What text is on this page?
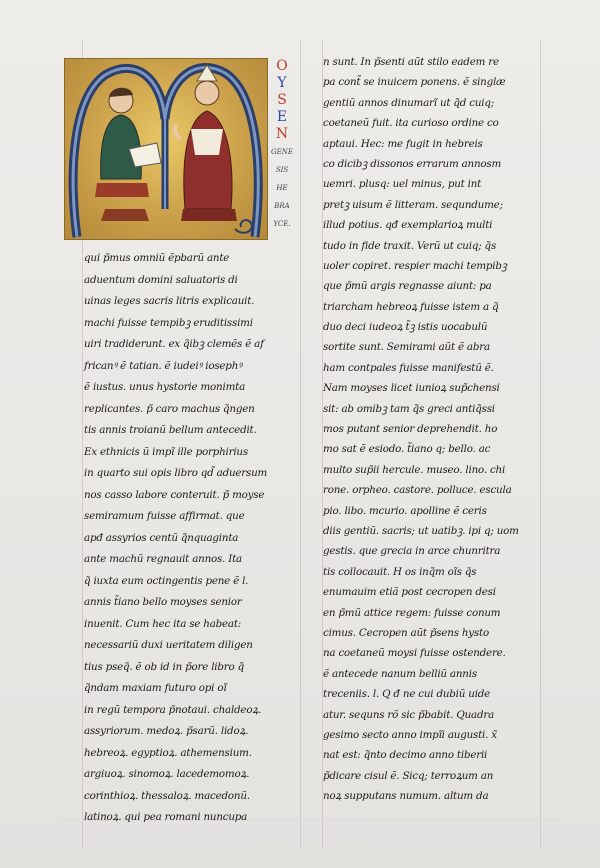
O
Y
S
E
N
GENE
SIS
HE
BRA
YCE.
qui p̃mus omniũ ẽpbarũ ante
aduentum domini saluatoris di
uinas leges sacris litris explicauit.
machi fuisse tempibꝫ eruditissimi
uiri tradiderunt. ex q̃ibꝫ clemẽs ẽ af
fricanꝰ ẽ tatian. ẽ iudeiꝰ iosephꝰ
ẽ iustus. unus hystorie monimta
replicantes. p̃ caro machus q̃ngen
tis annis troianũ bellum antecedit.
Ex ethnicis ũ impĩ ille porphirius
in quarto sui opis libro qd̃ aduersum
nos casso labore conteruit. p̃ moyse
semiramum fuisse affirmat. que
apđ assyrios centũ q̃nquaginta
ante machũ regnauit annos. Ita
q̃ iuxta eum octingentis pene ẽ l.
annis t̃iano bello moyses senior
inuenit. Cum hec ita se habeat:
necessariũ duxi ueritatem diligen
tius pseq̃. ẽ ob id in p̃ore libro q̃
q̃ndam maxiam futuro opi oĩ
in regũ tempora p̃notaui. chaldeoꝝ.
assyriorum. medoꝝ. p̃sarũ. lidoꝝ.
hebreoꝝ. egyptioꝝ. athemensium.
argiuoꝝ. sinomoꝝ. lacedemomoꝝ.
corinthioꝝ. thessaloꝝ. macedonũ.
latinoꝝ. qui pea romani nuncupa
n sunt. In p̃senti aũt stilo eadem re
pa cont̃ se inuicem ponens. ẽ singlæ
gentiũ annos dinumarĩ ut q̃d cuiq;
coetaneũ fuit. ita curioso ordine co
aptaui. Hec: me fugit in hebreis
co dicibꝫ dissonos errarum annosm
uemri. plusq: uel minus, put int
pretꝫ uisum ẽ litteram. sequndume;
illud potius. qđ exemplarioꝝ multi
tudo in fide traxit. Verũ ut cuiq; q̃s
uoler copiret. respier machi tempibꝫ
que p̃mũ argis regnasse aiunt: pa
triarcham hebreoꝝ fuisse istem a q̃
duo deci iudeoꝝ t̃ꝫ istis uocabulũ
sortite sunt. Semirami aũt ẽ abra
ham contpales fuisse manifestũ ẽ.
Nam moyses licet iunioꝝ sup̃chensi
sit: ab omibꝫ tam q̃s greci antiq̃ssi
mos putant senior deprehendit. ho
mo sat ẽ esiodo. t̃iano q; bello. ac
multo sup̃ii hercule. museo. lino. chi
rone. orpheo. castore. polluce. escula
pio. libo. mcurio. apolline ẽ ceris
diis gentiũ. sacris; ut uatibꝫ. ipi q; uom
gestis. que grecia in arce chunritra
tis collocauit. H os inq̃m oĩs q̃s
enumauim etiã post cecropen desi
en p̃mũ attice regem: fuisse conum
cimus. Cecropen aũt p̃sens hysto
na coetaneũ moysi fuisse ostendere.
ẽ antecede nanum belliũ annis
treceniis. l. Q đ ne cui dubiũ uide
atur. sequns rõ sic p̃babit. Quadra
gesimo secto anno impĩi augusti. x̃
nat est: q̃nto decimo anno tiberii
p̃dicare cisul ẽ. Sicq; terroꝝum an
noꝝ supputans numum. altum da
